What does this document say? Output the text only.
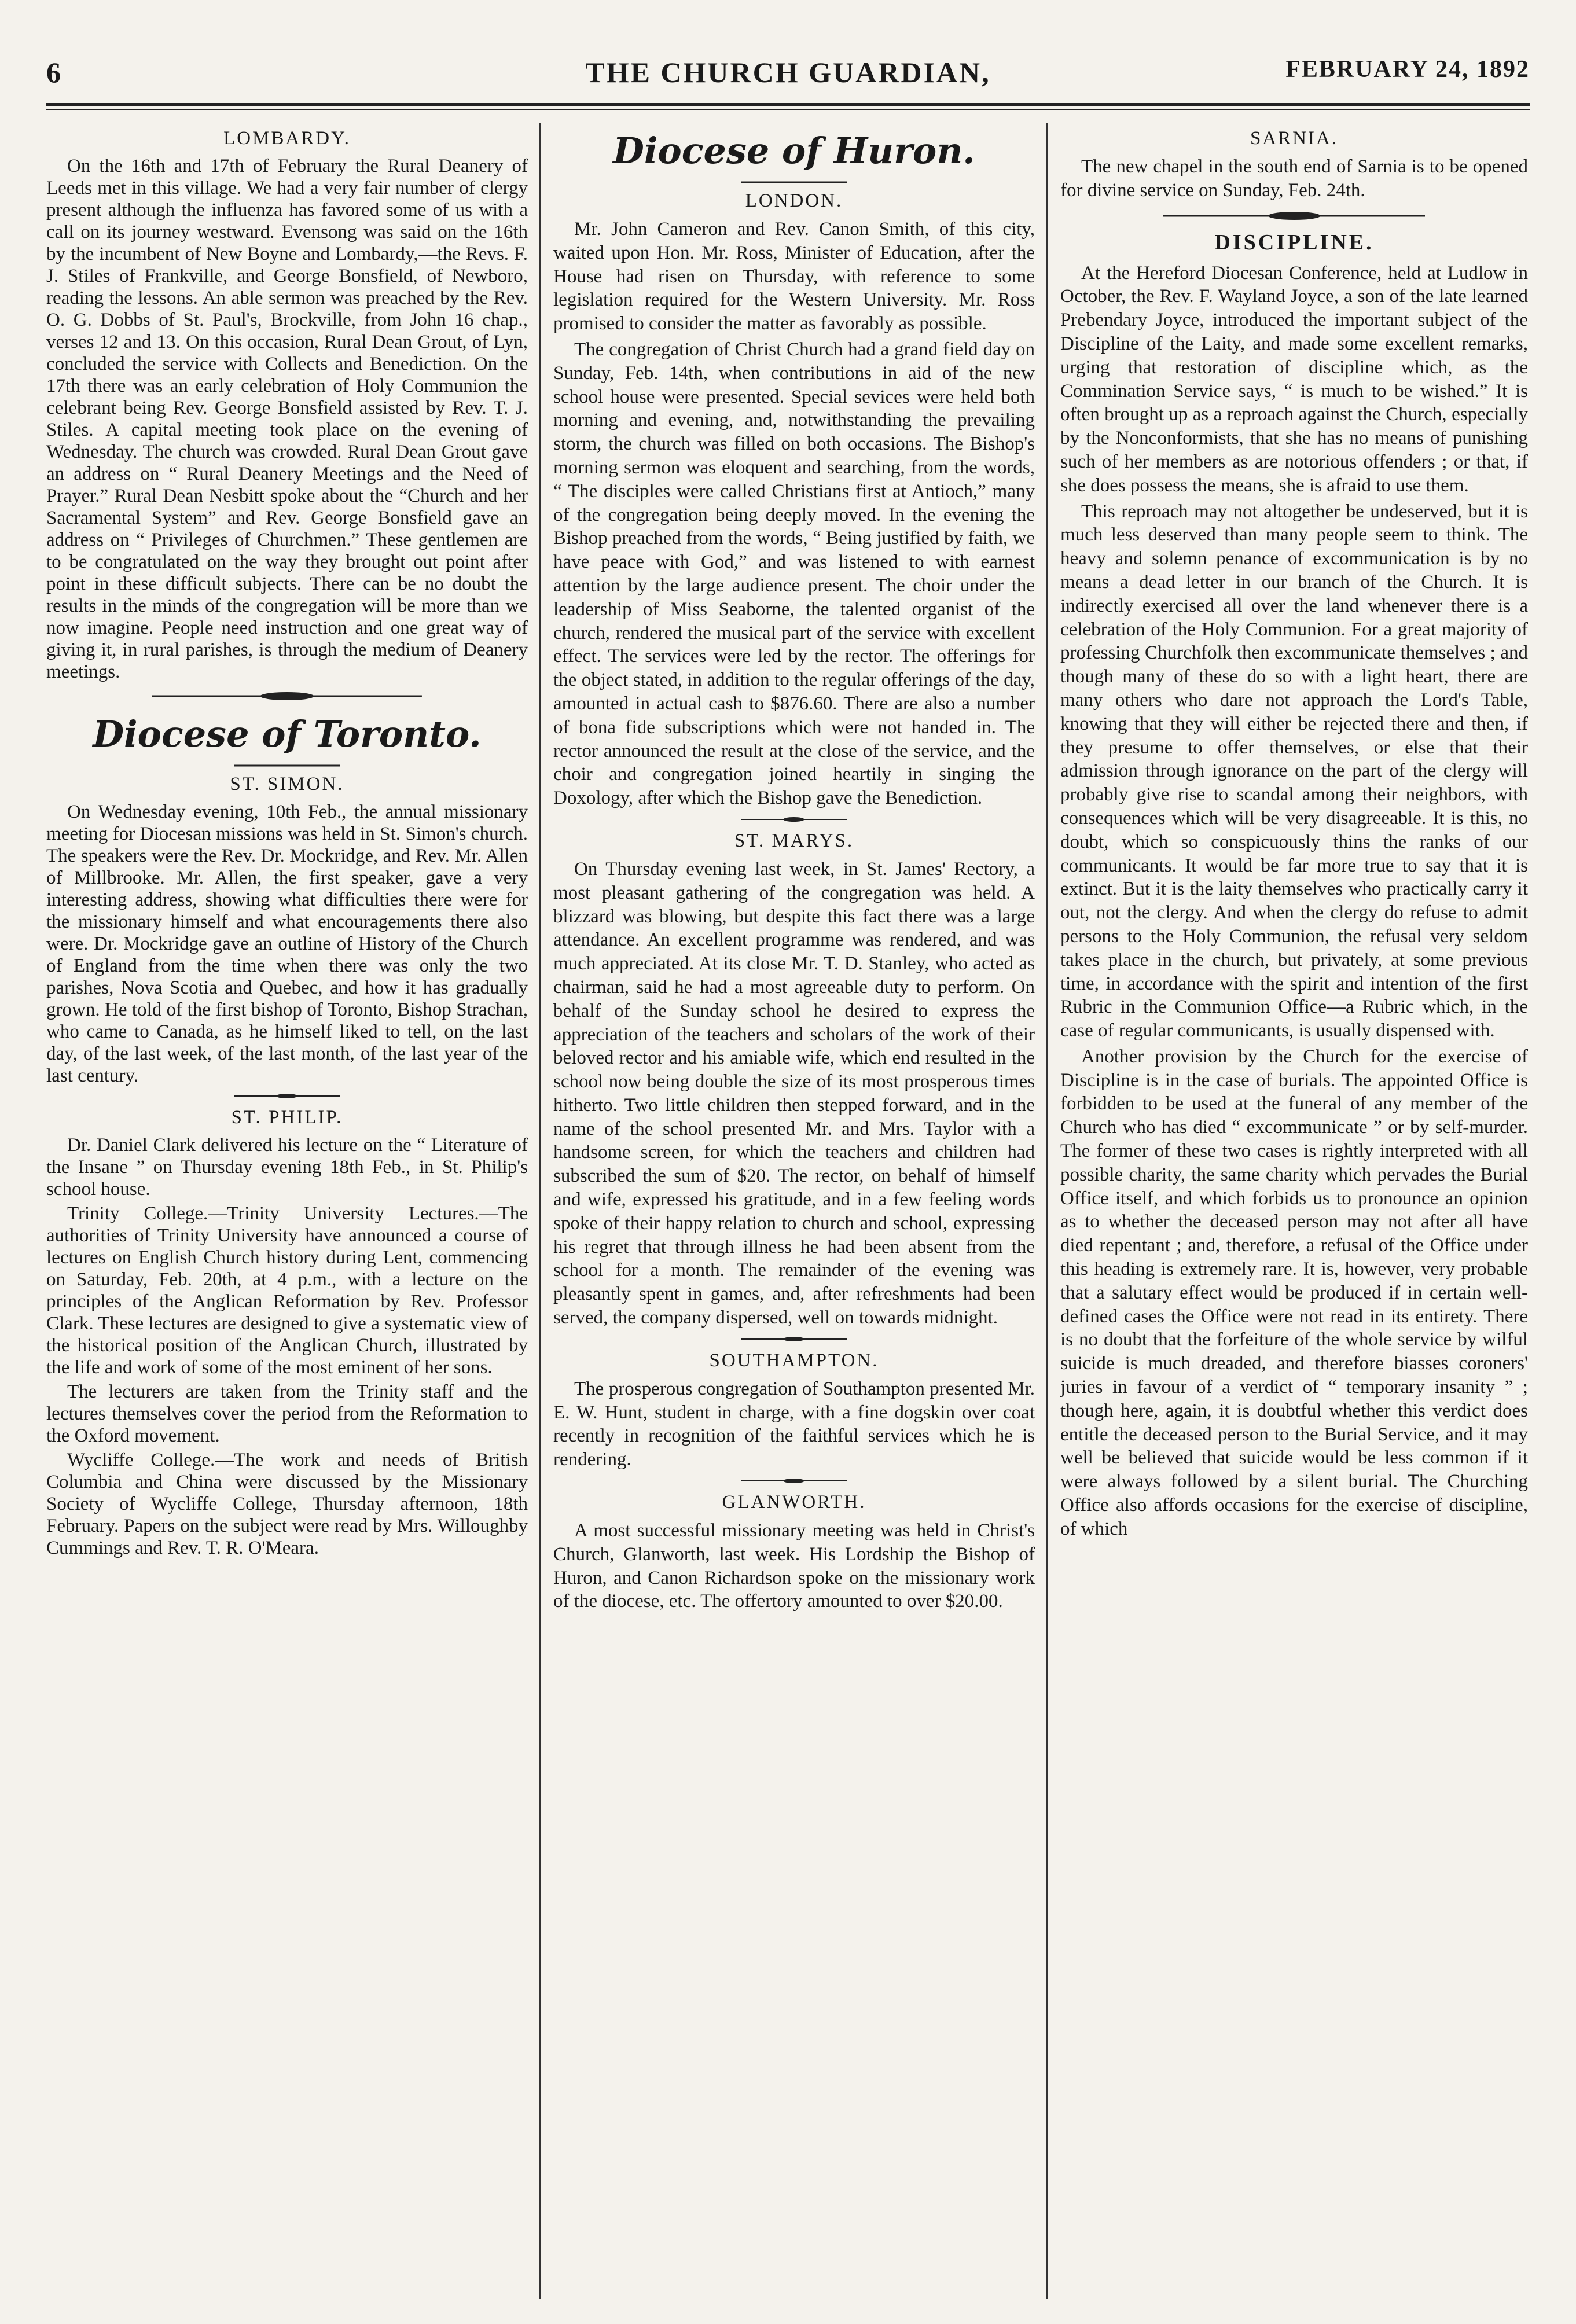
6	THE CHURCH GUARDIAN,	FEBRUARY 24, 1892
LOMBARDY.

On the 16th and 17th of February the Rural Deanery of Leeds met in this village. We had a very fair number of clergy present although the influenza has favored some of us with a call on its journey westward. Evensong was said on the 16th by the incumbent of New Boyne and Lombardy,—the Revs. F. J. Stiles of Frankville, and George Bonsfield, of Newboro, reading the lessons. An able sermon was preached by the Rev. O. G. Dobbs of St. Paul's, Brockville, from John 16 chap., verses 12 and 13. On this occasion, Rural Dean Grout, of Lyn, concluded the service with Collects and Benediction. On the 17th there was an early celebration of Holy Communion the celebrant being Rev. George Bonsfield assisted by Rev. T. J. Stiles. A capital meeting took place on the evening of Wednesday. The church was crowded. Rural Dean Grout gave an address on “ Rural Deanery Meetings and the Need of Prayer.” Rural Dean Nesbitt spoke about the “Church and her Sacramental System” and Rev. George Bonsfield gave an address on “ Privileges of Churchmen.” These gentlemen are to be congratulated on the way they brought out point after point in these difficult subjects. There can be no doubt the results in the minds of the congregation will be more than we now imagine. People need instruction and one great way of giving it, in rural parishes, is through the medium of Deanery meetings.

Diocese of Toronto.
ST. SIMON.

On Wednesday evening, 10th Feb., the annual missionary meeting for Diocesan missions was held in St. Simon's church. The speakers were the Rev. Dr. Mockridge, and Rev. Mr. Allen of Millbrooke. Mr. Allen, the first speaker, gave a very interesting address, showing what difficulties there were for the missionary himself and what encouragements there also were. Dr. Mockridge gave an outline of History of the Church of England from the time when there was only the two parishes, Nova Scotia and Quebec, and how it has gradually grown. He told of the first bishop of Toronto, Bishop Strachan, who came to Canada, as he himself liked to tell, on the last day, of the last week, of the last month, of the last year of the last century.

ST. PHILIP.

Dr. Daniel Clark delivered his lecture on the “ Literature of the Insane ” on Thursday evening 18th Feb., in St. Philip's school house.

Trinity College.—Trinity University Lectures.—The authorities of Trinity University have announced a course of lectures on English Church history during Lent, commencing on Saturday, Feb. 20th, at 4 p.m., with a lecture on the principles of the Anglican Reformation by Rev. Professor Clark. These lectures are designed to give a systematic view of the historical position of the Anglican Church, illustrated by the life and work of some of the most eminent of her sons.

The lecturers are taken from the Trinity staff and the lectures themselves cover the period from the Reformation to the Oxford movement.

Wycliffe College.—The work and needs of British Columbia and China were discussed by the Missionary Society of Wycliffe College, Thursday afternoon, 18th February. Papers on the subject were read by Mrs. Willoughby Cummings and Rev. T. R. O'Meara.

Diocese of Huron.
LONDON.

Mr. John Cameron and Rev. Canon Smith, of this city, waited upon Hon. Mr. Ross, Minister of Education, after the House had risen on Thursday, with reference to some legislation required for the Western University. Mr. Ross promised to consider the matter as favorably as possible.

The congregation of Christ Church had a grand field day on Sunday, Feb. 14th, when contributions in aid of the new school house were presented. Special sevices were held both morning and evening, and, notwithstanding the prevailing storm, the church was filled on both occasions. The Bishop's morning sermon was eloquent and searching, from the words, “ The disciples were called Christians first at Antioch,” many of the congregation being deeply moved. In the evening the Bishop preached from the words, “ Being justified by faith, we have peace with God,” and was listened to with earnest attention by the large audience present. The choir under the leadership of Miss Seaborne, the talented organist of the church, rendered the musical part of the service with excellent effect. The services were led by the rector. The offerings for the object stated, in addition to the regular offerings of the day, amounted in actual cash to $876.60. There are also a number of bona fide subscriptions which were not handed in. The rector announced the result at the close of the service, and the choir and congregation joined heartily in singing the Doxology, after which the Bishop gave the Benediction.

ST. MARYS.

On Thursday evening last week, in St. James' Rectory, a most pleasant gathering of the congregation was held. A blizzard was blowing, but despite this fact there was a large attendance. An excellent programme was rendered, and was much appreciated. At its close Mr. T. D. Stanley, who acted as chairman, said he had a most agreeable duty to perform. On behalf of the Sunday school he desired to express the appreciation of the teachers and scholars of the work of their beloved rector and his amiable wife, which end resulted in the school now being double the size of its most prosperous times hitherto. Two little children then stepped forward, and in the name of the school presented Mr. and Mrs. Taylor with a handsome screen, for which the teachers and children had subscribed the sum of $20. The rector, on behalf of himself and wife, expressed his gratitude, and in a few feeling words spoke of their happy relation to church and school, expressing his regret that through illness he had been absent from the school for a month. The remainder of the evening was pleasantly spent in games, and, after refreshments had been served, the company dispersed, well on towards midnight.

SOUTHAMPTON.

The prosperous congregation of Southampton presented Mr. E. W. Hunt, student in charge, with a fine dogskin over coat recently in recognition of the faithful services which he is rendering.

GLANWORTH.

A most successful missionary meeting was held in Christ's Church, Glanworth, last week. His Lordship the Bishop of Huron, and Canon Richardson spoke on the missionary work of the diocese, etc. The offertory amounted to over $20.00.

SARNIA.

The new chapel in the south end of Sarnia is to be opened for divine service on Sunday, Feb. 24th.

DISCIPLINE.

At the Hereford Diocesan Conference, held at Ludlow in October, the Rev. F. Wayland Joyce, a son of the late learned Prebendary Joyce, introduced the important subject of the Discipline of the Laity, and made some excellent remarks, urging that restoration of discipline which, as the Commination Service says, “ is much to be wished.” It is often brought up as a reproach against the Church, especially by the Nonconformists, that she has no means of punishing such of her members as are notorious offenders ; or that, if she does possess the means, she is afraid to use them.

This reproach may not altogether be undeserved, but it is much less deserved than many people seem to think. The heavy and solemn penance of excommunication is by no means a dead letter in our branch of the Church. It is indirectly exercised all over the land whenever there is a celebration of the Holy Communion. For a great majority of professing Churchfolk then excommunicate themselves ; and though many of these do so with a light heart, there are many others who dare not approach the Lord's Table, knowing that they will either be rejected there and then, if they presume to offer themselves, or else that their admission through ignorance on the part of the clergy will probably give rise to scandal among their neighbors, with consequences which will be very disagreeable. It is this, no doubt, which so conspicuously thins the ranks of our communicants. It would be far more true to say that it is extinct. But it is the laity themselves who practically carry it out, not the clergy. And when the clergy do refuse to admit persons to the Holy Communion, the refusal very seldom takes place in the church, but privately, at some previous time, in accordance with the spirit and intention of the first Rubric in the Communion Office—a Rubric which, in the case of regular communicants, is usually dispensed with.

Another provision by the Church for the exercise of Discipline is in the case of burials. The appointed Office is forbidden to be used at the funeral of any member of the Church who has died “ excommunicate ” or by self-murder. The former of these two cases is rightly interpreted with all possible charity, the same charity which pervades the Burial Office itself, and which forbids us to pronounce an opinion as to whether the deceased person may not after all have died repentant ; and, therefore, a refusal of the Office under this heading is extremely rare. It is, however, very probable that a salutary effect would be produced if in certain well-defined cases the Office were not read in its entirety. There is no doubt that the forfeiture of the whole service by wilful suicide is much dreaded, and therefore biasses coroners' juries in favour of a verdict of “ temporary insanity ” ; though here, again, it is doubtful whether this verdict does entitle the deceased person to the Burial Service, and it may well be believed that suicide would be less common if it were always followed by a silent burial. The Churching Office also affords occasions for the exercise of discipline, of which
